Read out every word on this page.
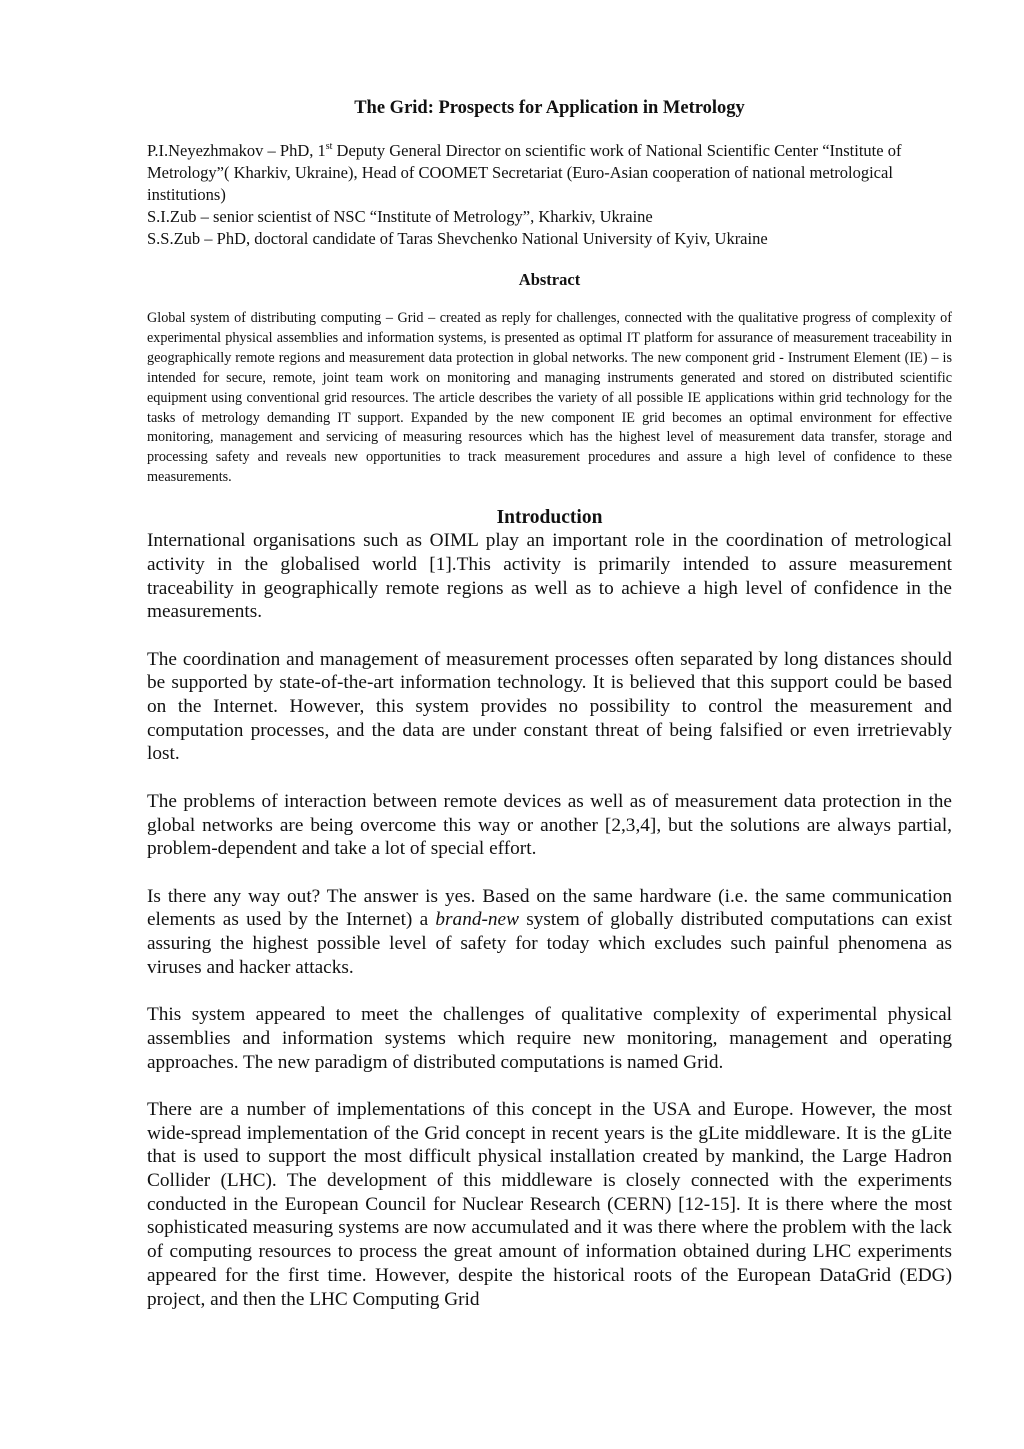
The Grid: Prospects for Application in Metrology
P.I.Neyezhmakov – PhD, 1st Deputy General Director on scientific work of National Scientific Center “Institute of Metrology”( Kharkiv, Ukraine), Head of COOMET Secretariat (Euro-Asian cooperation of national metrological institutions)
S.I.Zub – senior scientist of NSC “Institute of Metrology”, Kharkiv, Ukraine
S.S.Zub – PhD, doctoral candidate of Taras Shevchenko National University of Kyiv, Ukraine
Abstract

Global system of distributing computing – Grid – created as reply for challenges, connected with the qualitative progress of complexity of experimental physical assemblies and information systems, is presented as optimal IT platform for assurance of measurement traceability in geographically remote regions and measurement data protection in global networks. The new component grid - Instrument Element (IE) – is intended for secure, remote, joint team work on monitoring and managing instruments generated and stored on distributed scientific equipment using conventional grid resources. The article describes the variety of all possible IE applications within grid technology for the tasks of metrology demanding IT support. Expanded by the new component IE grid becomes an optimal environment for effective monitoring, management and servicing of measuring resources which has the highest level of measurement data transfer, storage and processing safety and reveals new opportunities to track measurement procedures and assure a high level of confidence to these measurements.

Introduction

International organisations such as OIML play an important role in the coordination of metrological activity in the globalised world [1].This activity is primarily intended to assure measurement traceability in geographically remote regions as well as to achieve a high level of confidence in the measurements.

The coordination and management of measurement processes often separated by long distances should be supported by state-of-the-art information technology. It is believed that this support could be based on the Internet. However, this system provides no possibility to control the measurement and computation processes, and the data are under constant threat of being falsified or even irretrievably lost.

The problems of interaction between remote devices as well as of measurement data protection in the global networks are being overcome this way or another [2,3,4], but the solutions are always partial, problem-dependent and take a lot of special effort.

Is there any way out? The answer is yes. Based on the same hardware (i.e. the same communication elements as used by the Internet) a brand-new system of globally distributed computations can exist assuring the highest possible level of safety for today which excludes such painful phenomena as viruses and hacker attacks.

This system appeared to meet the challenges of qualitative complexity of experimental physical assemblies and information systems which require new monitoring, management and operating approaches. The new paradigm of distributed computations is named Grid.

There are a number of implementations of this concept in the USA and Europe. However, the most wide-spread implementation of the Grid concept in recent years is the gLite middleware. It is the gLite that is used to support the most difficult physical installation created by mankind, the Large Hadron Collider (LHC). The development of this middleware is closely connected with the experiments conducted in the European Council for Nuclear Research (CERN) [12-15]. It is there where the most sophisticated measuring systems are now accumulated and it was there where the problem with the lack of computing resources to process the great amount of information obtained during LHC experiments appeared for the first time. However, despite the historical roots of the European DataGrid (EDG) project, and then the LHC Computing Grid
